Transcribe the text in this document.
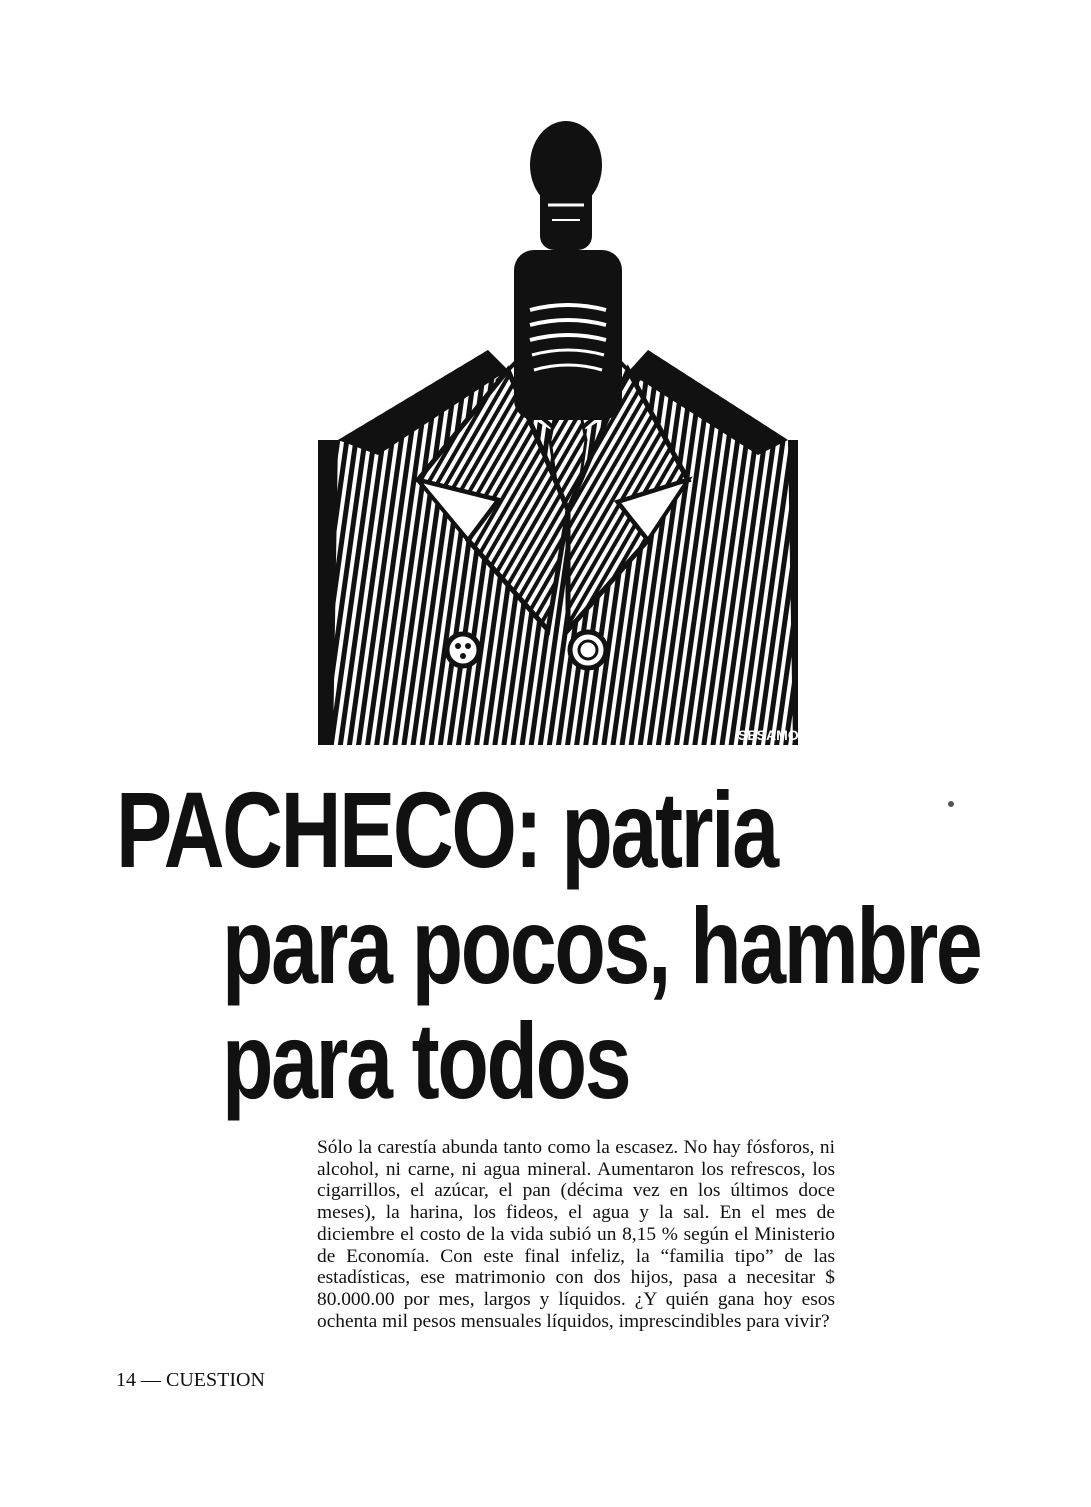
SESAMO
PACHECO: patria
para pocos, hambre
para todos

Sólo la carestía abunda tanto como la escasez. No hay fósforos, ni alcohol, ni carne, ni agua mineral. Aumentaron los refrescos, los cigarrillos, el azúcar, el pan (décima vez en los últimos doce meses), la harina, los fideos, el agua y la sal. En el mes de diciembre el costo de la vida subió un 8,15 % según el Ministerio de Economía. Con este final infeliz, la “familia tipo” de las estadísticas, ese matrimonio con dos hijos, pasa a necesitar $ 80.000.00 por mes, largos y líquidos. ¿Y quién gana hoy esos ochenta mil pesos mensuales líquidos, imprescindibles para vivir?

14 — CUESTION
